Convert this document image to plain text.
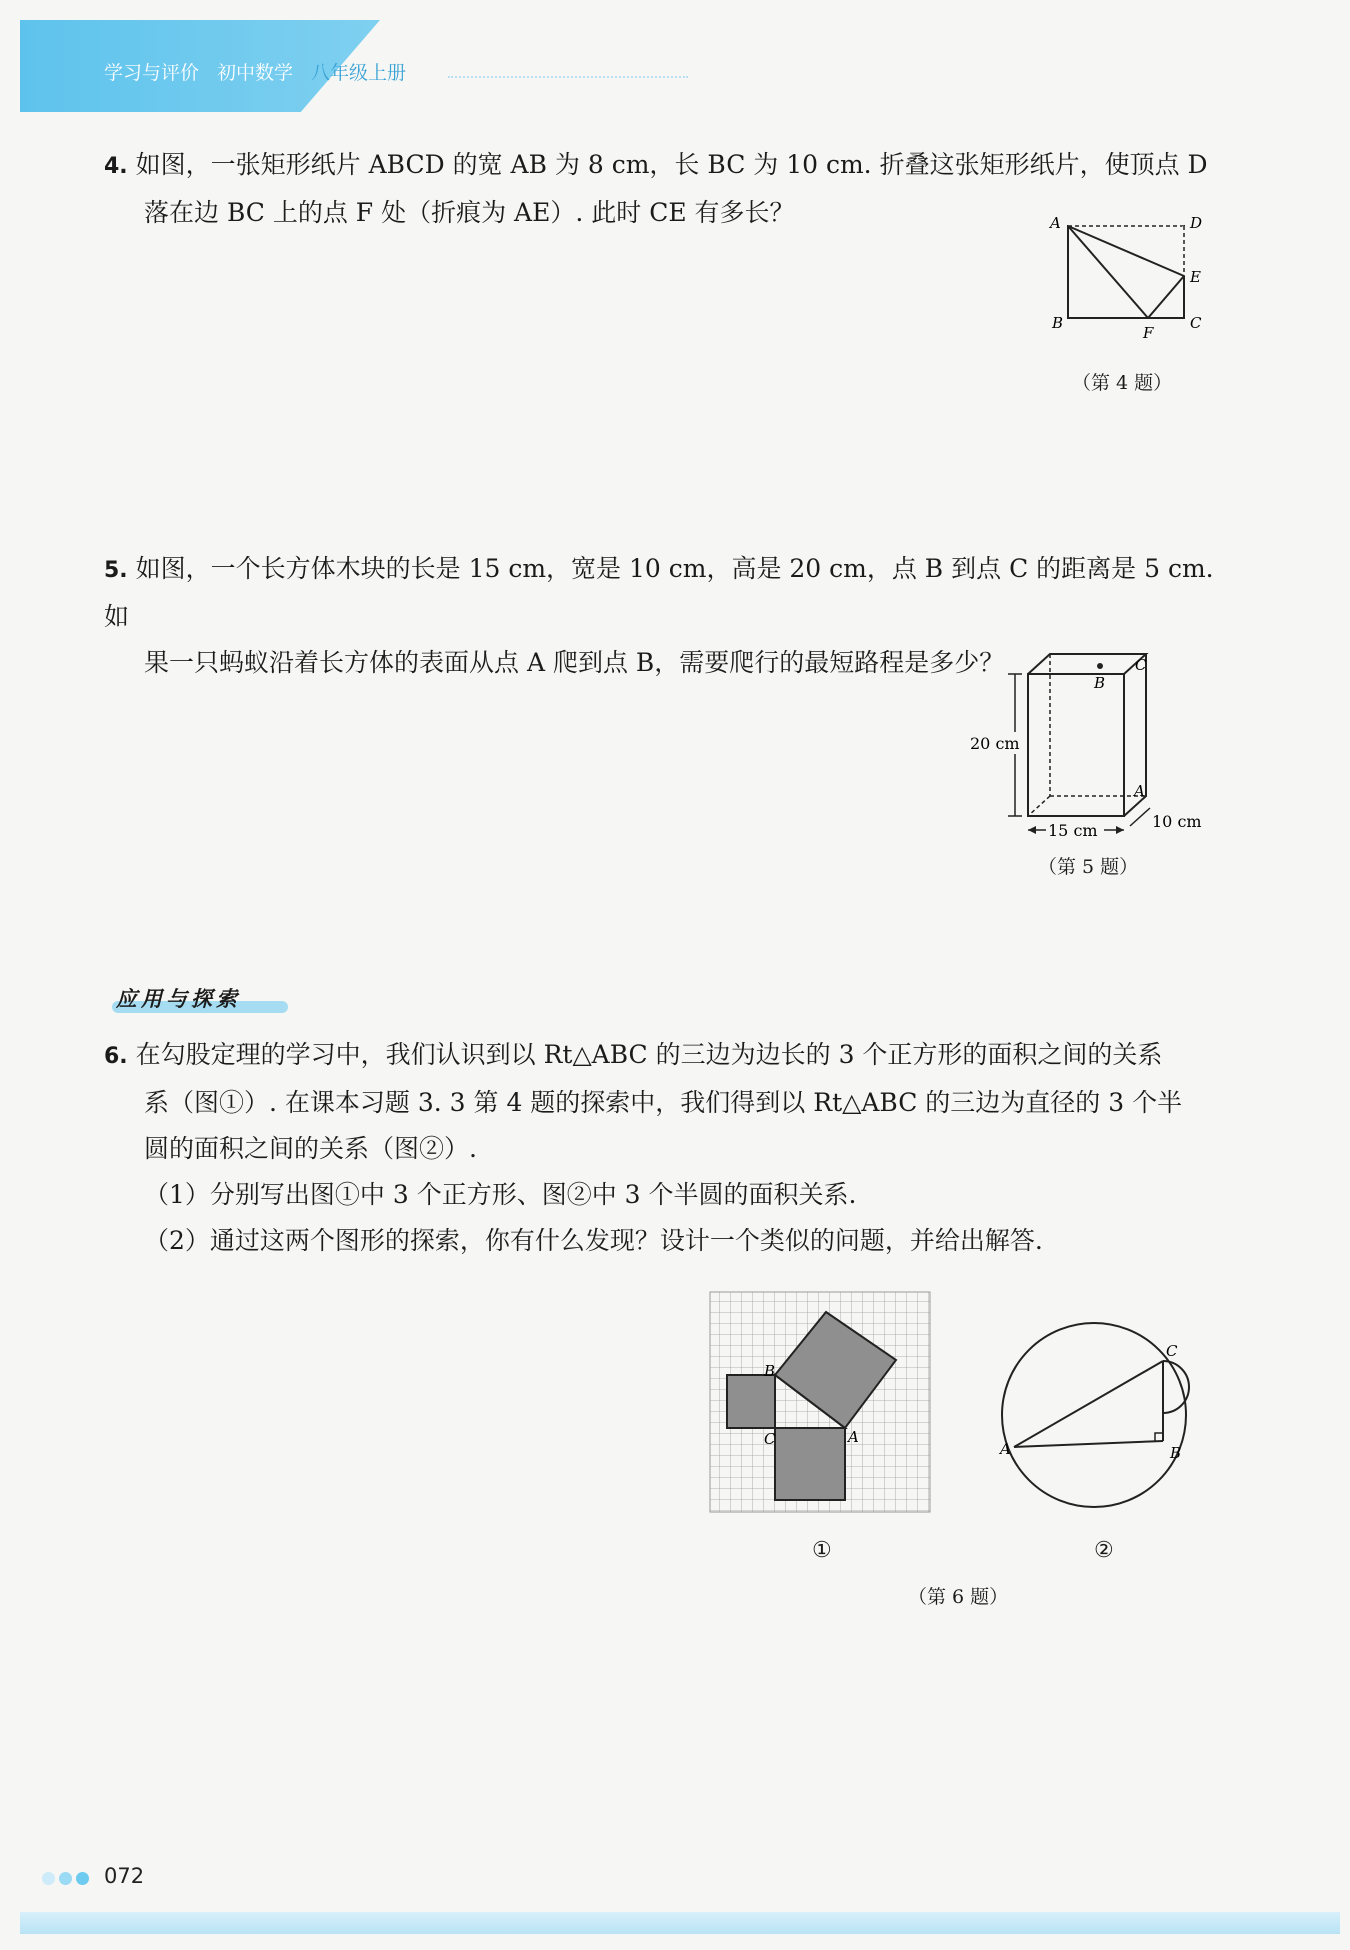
学习与评价 初中数学 八年级上册

4. 如图，一张矩形纸片 ABCD 的宽 AB 为 8 cm，长 BC 为 10 cm. 折叠这张矩形纸片，使顶点 D

落在边 BC 上的点 F 处（折痕为 AE）. 此时 CE 有多长？	A	D
E
B
F
C
（第 4 题）

5. 如图，一个长方体木块的长是 15 cm，宽是 10 cm，高是 20 cm，点 B 到点 C 的距离是 5 cm. 如

果一只蚂蚁沿着长方体的表面从点 A 爬到点 B，需要爬行的最短路程是多少？

B
C
A
20 cm
15 cm	10 cm
（第 5 题）
应用与探索

6. 在勾股定理的学习中，我们认识到以 Rt△ABC 的三边为边长的 3 个正方形的面积之间的关系

系（图①）. 在课本习题 3. 3 第 4 题的探索中，我们得到以 Rt△ABC 的三边为直径的 3 个半

圆的面积之间的关系（图②）.

（1）分别写出图①中 3 个正方形、图②中 3 个半圆的面积关系.

（2）通过这两个图形的探索，你有什么发现？设计一个类似的问题，并给出解答.

B
C	A
①
A	B
C
②
（第 6 题）
072
